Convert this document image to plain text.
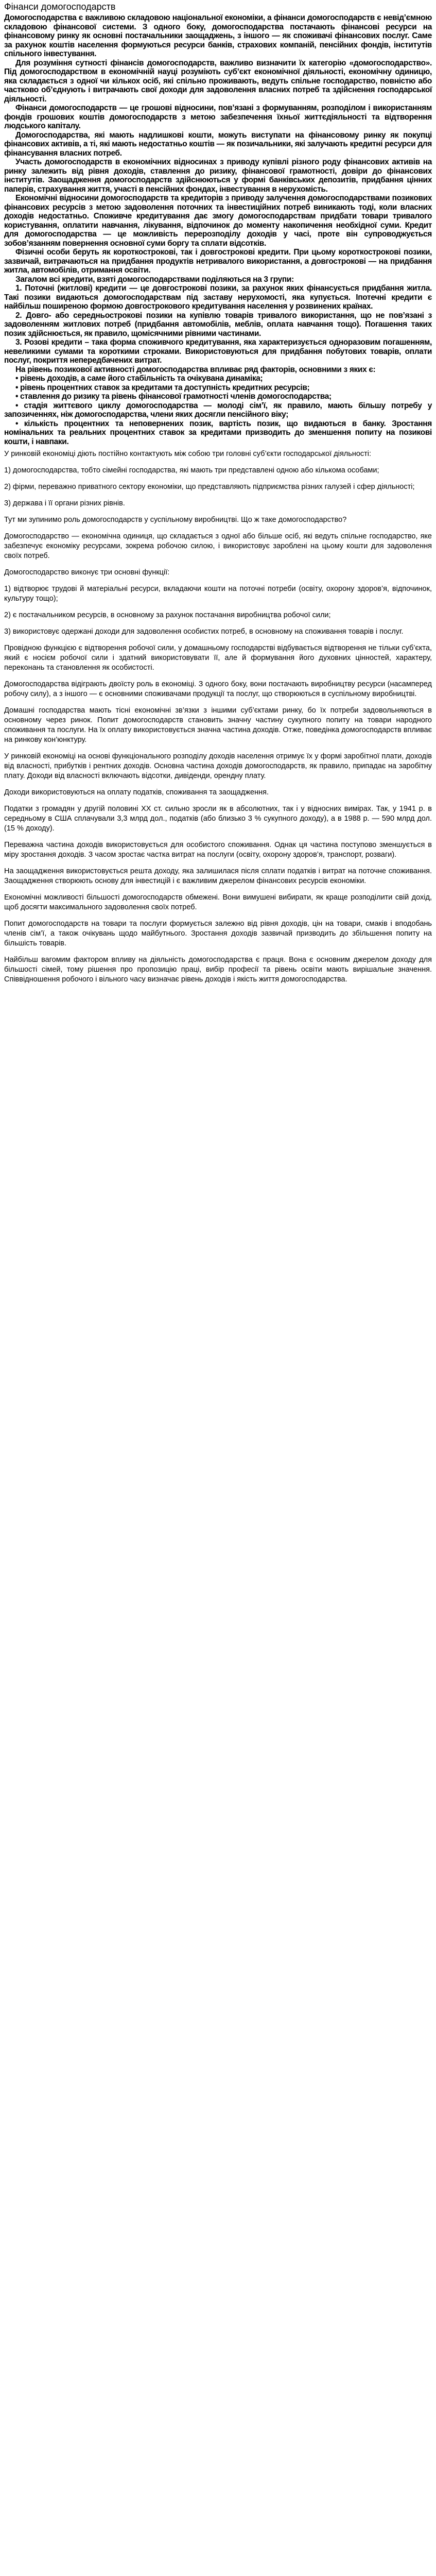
Фінанси домогосподарств

Домогосподарства є важливою складовою національної економіки, а фінанси домогосподарств є невід’ємною складовою фінансової системи. З одного боку, домогосподарства постачають фінансові ресурси на фінансовому ринку як основні постачальники заощаджень, з іншого — як споживачі фінансових послуг. Саме за рахунок коштів населення формуються ресурси банків, страхових компаній, пенсійних фондів, інститутів спільного інвестування.

Для розуміння сутності фінансів домогосподарств, важливо визначити їх категорію «домогосподарство». Під домогосподарством в економічній науці розуміють суб’єкт економічної діяльності, економічну одиницю, яка складається з одної чи кількох осіб, які спільно проживають, ведуть спільне господарство, повністю або частково об’єднують і витрачають свої доходи для задоволення власних потреб та здійснення господарської діяльності.

Фінанси домогосподарств — це грошові відносини, пов’язані з формуванням, розподілом і використанням фондів грошових коштів домогосподарств з метою забезпечення їхньої життєдіяльності та відтворення людського капіталу.

Домогосподарства, які мають надлишкові кошти, можуть виступати на фінансовому ринку як покупці фінансових активів, а ті, які мають недостатньо коштів — як позичальники, які залучають кредитні ресурси для фінансування власних потреб.

Участь домогосподарств в економічних відносинах з приводу купівлі різного роду фінансових активів на ринку залежить від рівня доходів, ставлення до ризику, фінансової грамотності, довіри до фінансових інститутів. Заощадження домогосподарств здійснюються у формі банківських депозитів, придбання цінних паперів, страхування життя, участі в пенсійних фондах, інвестування в нерухомість.

Економічні відносини домогосподарств та кредиторів з приводу залучення домогосподарствами позикових фінансових ресурсів з метою задоволення поточних та інвестиційних потреб виникають тоді, коли власних доходів недостатньо. Споживче кредитування дає змогу домогосподарствам придбати товари тривалого користування, оплатити навчання, лікування, відпочинок до моменту накопичення необхідної суми. Кредит для домогосподарства — це можливість перерозподілу доходів у часі, проте він супроводжується зобов’язанням повернення основної суми боргу та сплати відсотків.

Фізичні особи беруть як короткострокові, так і довгострокові кредити. При цьому короткострокові позики, зазвичай, витрачаються на придбання продуктів нетривалого використання, а довгострокові — на придбання житла, автомобілів, отримання освіти.

Загалом всі кредити, взяті домогосподарствами поділяються на 3 групи:

1. Поточні (житлові) кредити — це довгострокові позики, за рахунок яких фінансується придбання житла. Такі позики видаються домогосподарствам під заставу нерухомості, яка купується. Іпотечні кредити є найбільш поширеною формою довгострокового кредитування населення у розвинених країнах.

2. Довго- або середньострокові позики на купівлю товарів тривалого використання, що не пов’язані з задоволенням житлових потреб (придбання автомобілів, меблів, оплата навчання тощо). Погашення таких позик здійснюється, як правило, щомісячними рівними частинами.

3. Розові кредити – така форма споживчого кредитування, яка характеризується одноразовим погашенням, невеликими сумами та короткими строками. Використовуються для придбання побутових товарів, оплати послуг, покриття непередбачених витрат.

На рівень позикової активності домогосподарства впливає ряд факторів, основними з яких є:

• рівень доходів, а саме його стабільність та очікувана динаміка;

• рівень процентних ставок за кредитами та доступність кредитних ресурсів;

• ставлення до ризику та рівень фінансової грамотності членів домогосподарства;

• стадія життєвого циклу домогосподарства — молоді сім’ї, як правило, мають більшу потребу у запозиченнях, ніж домогосподарства, члени яких досягли пенсійного віку;

• кількість процентних та неповернених позик, вартість позик, що видаються в банку. Зростання номінальних та реальних процентних ставок за кредитами призводить до зменшення попиту на позикові кошти, і навпаки.

У ринковій економіці діють постійно контактують між собою три головні суб’єкти господарської діяльності:

1) домогосподарства, тобто сімейні господарства, які мають три представлені одною або кількома особами;

2) фірми, переважно приватного сектору економіки, що представляють підприємства різних галузей і сфер діяльності;

3) держава і її органи різних рівнів.

Тут ми зупинимо роль домогосподарств у суспільному виробництві. Що ж таке домогосподарство?

Домогосподарство — економічна одиниця, що складається з одної або більше осіб, які ведуть спільне господарство, яке забезпечує економіку ресурсами, зокрема робочою силою, і використовує зароблені на цьому кошти для задоволення своїх потреб.

Домогосподарство виконує три основні функції:

1) відтворює трудові й матеріальні ресурси, вкладаючи кошти на поточні потреби (освіту, охорону здоров’я, відпочинок, культуру тощо);

2) є постачальником ресурсів, в основному за рахунок постачання виробництва робочої сили;

3) використовує одержані доходи для задоволення особистих потреб, в основному на споживання товарів і послуг.

Провідною функцією є відтворення робочої сили, у домашньому господарстві відбувається відтворення не тільки суб’єкта, який є носієм робочої сили і здатний використовувати її, але й формування його духовних цінностей, характеру, переконань та становлення як особистості.

Домогосподарства відіграють двоїсту роль в економіці. З одного боку, вони постачають виробництву ресурси (насамперед робочу силу), а з іншого — є основними споживачами продукції та послуг, що створюються в суспільному виробництві.

Домашні господарства мають тісні економічні зв’язки з іншими суб’єктами ринку, бо їх потреби задовольняються в основному через ринок. Попит домогосподарств становить значну частину сукупного попиту на товари народного споживання та послуги. На їх оплату використовується значна частина доходів. Отже, поведінка домогосподарств впливає на ринкову кон’юнктуру.

У ринковій економіці на основі функціонального розподілу доходів населення отримує їх у формі заробітної плати, доходів від власності, прибутків і рентних доходів. Основна частина доходів домогосподарств, як правило, припадає на заробітну плату. Доходи від власності включають відсотки, дивіденди, орендну плату.

Доходи використовуються на оплату податків, споживання та заощадження.

Податки з громадян у другій половині XX ст. сильно зросли як в абсолютних, так і у відносних вимірах. Так, у 1941 р. в середньому в США сплачували 3,3 млрд дол., податків (або близько 3 % сукупного доходу), а в 1988 р. — 590 млрд дол. (15 % доходу).

Переважна частина доходів використовується для особистого споживання. Однак ця частина поступово зменшується в міру зростання доходів. З часом зростає частка витрат на послуги (освіту, охорону здоров’я, транспорт, розваги).

На заощадження використовується решта доходу, яка залишилася після сплати податків і витрат на поточне споживання. Заощадження створюють основу для інвестицій і є важливим джерелом фінансових ресурсів економіки.

Економічні можливості більшості домогосподарств обмежені. Вони вимушені вибирати, як краще розподілити свій дохід, щоб досягти максимального задоволення своїх потреб.

Попит домогосподарств на товари та послуги формується залежно від рівня доходів, цін на товари, смаків і вподобань членів сім’ї, а також очікувань щодо майбутнього. Зростання доходів зазвичай призводить до збільшення попиту на більшість товарів.

Найбільш вагомим фактором впливу на діяльність домогосподарства є праця. Вона є основним джерелом доходу для більшості сімей, тому рішення про пропозицію праці, вибір професії та рівень освіти мають вирішальне значення. Співвідношення робочого і вільного часу визначає рівень доходів і якість життя домогосподарства.
